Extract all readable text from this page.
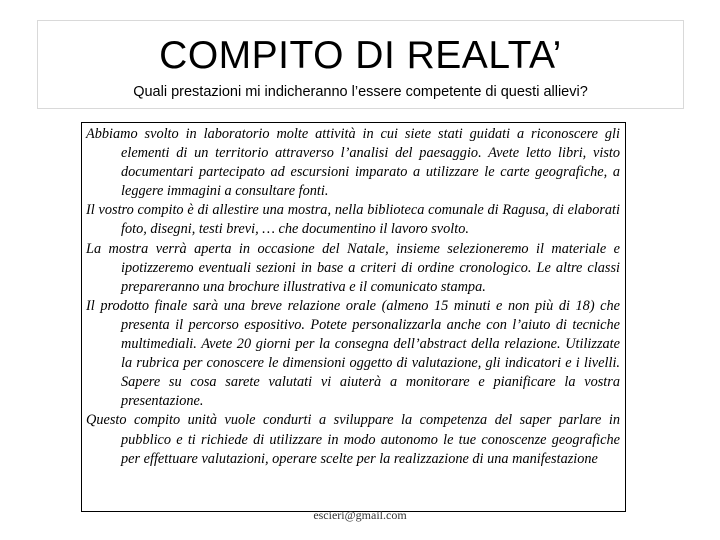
COMPITO DI REALTA’
Quali prestazioni mi indicheranno l’essere competente di questi allievi?

Abbiamo svolto in laboratorio molte attività in cui siete stati guidati a riconoscere gli elementi di un territorio attraverso l’analisi del paesaggio. Avete letto libri, visto documentari partecipato ad escursioni imparato a utilizzare le carte geografiche, a leggere immagini a consultare fonti.

Il vostro compito è di allestire una mostra, nella biblioteca comunale di Ragusa, di elaborati foto, disegni, testi brevi, … che documentino il lavoro svolto.
La mostra verrà aperta in occasione del Natale, insieme selezioneremo il materiale e ipotizzeremo eventuali sezioni in base a criteri di ordine cronologico. Le altre classi prepareranno una brochure illustrativa e il comunicato stampa.

Il prodotto finale sarà una breve relazione orale (almeno 15 minuti e non più di 18) che presenta il percorso espositivo. Potete personalizzarla anche con l’aiuto di tecniche multimediali. Avete 20 giorni per la consegna dell’abstract della relazione. Utilizzate la rubrica per conoscere le dimensioni oggetto di valutazione, gli indicatori e i livelli. Sapere su cosa sarete valutati vi aiuterà a monitorare e pianificare la vostra presentazione.

Questo compito unità vuole condurti a sviluppare la competenza del saper parlare in pubblico e ti richiede di utilizzare in modo autonomo le tue conoscenze geografiche per effettuare valutazioni, operare scelte per la realizzazione di una manifestazione

escieri@gmail.com
